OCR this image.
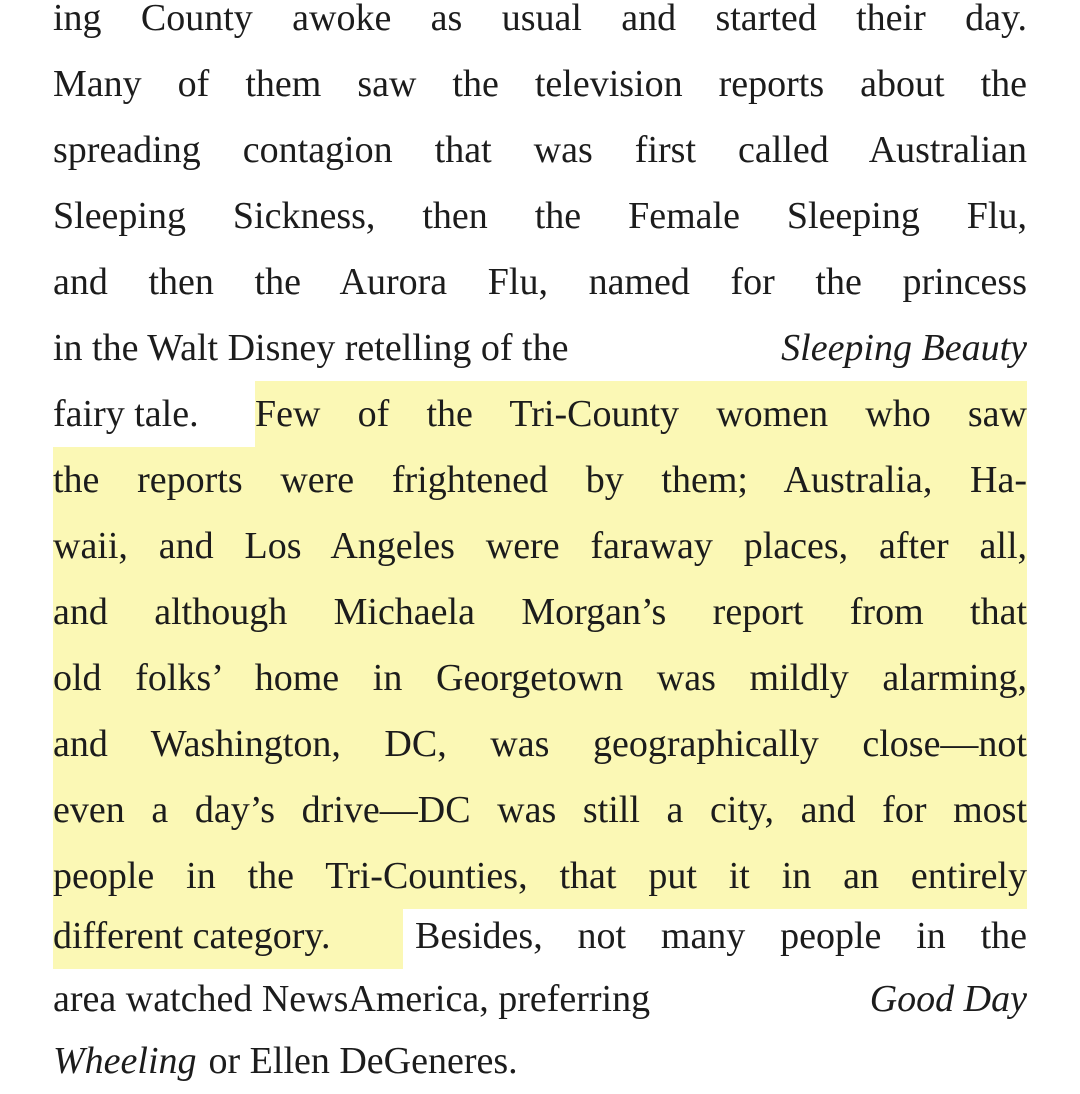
ing County awoke as usual and started their day.
Many of them saw the television reports about the
spreading contagion that was first called Australian
Sleeping Sickness, then the Female Sleeping Flu,
and then the Aurora Flu, named for the princess
in the Walt Disney retelling of the	Sleeping Beauty
fairy tale.	Few of the Tri-County women who saw
the reports were frightened by them; Australia, Ha-
waii, and Los Angeles were faraway places, after all,
and although Michaela Morgan’s report from that
old folks’ home in Georgetown was mildly alarming,
and Washington, DC, was geographically close—not
even a day’s drive—DC was still a city, and for most
people in the Tri-Counties, that put it in an entirely
different category.	Besides, not many people in the
area watched NewsAmerica, preferring	Good Day
Wheeling or Ellen DeGeneres.
